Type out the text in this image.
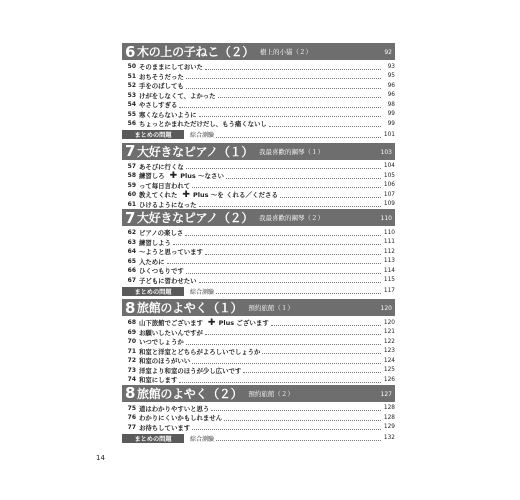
6 木の上の子ねこ（２） 樹上的小貓（２）	92
50 そのままにしておいた	93
51 おちそうだった	95
52 手をのばしても	96
53 けがをしなくて、よかった	96
54 やさしすぎる	98
55 寒くならないように	99
56 ちょっとかまれただけだし、もう痛くないし	99
まとめの問題	綜合測驗	101
7 大好きなピアノ（１） 我最喜歡的鋼琴（１）	103
57 あそびに行くな	104
58 練習しろ ✚ Plus ～なさい	105
59 って毎日言われて	106
60 教えてくれた ✚ Plus ～を くれる／くださる	107
61 ひけるようになった	109
7 大好きなピアノ（２） 我最喜歡的鋼琴（２）	110
62 ピアノの楽しさ	110
63 練習しよう	111
64 ～ようと思っています	112
65 入ために	113
66 ひくつもりです	114
67 子どもに習わせたい	115
まとめの問題	綜合測驗	117
8 旅館のよやく（１） 預約旅館（１）	120
68 山下旅館でございます ✚ Plus ございます	120
69 お願いしたいんですが	121
70 いつでしょうか	122
71 和室と洋室とどちらがよろしいでしょうか	123
72 和室のほうがいい	124
73 洋室より和室のほうが少し広いです	125
74 和室にします	126
8 旅館のよやく（２） 預約旅館（２）	127
75 道はわかりやすいと思う	128
76 わかりにくいかもしれません	128
77 お待ちしています	129
まとめの問題	綜合測驗	132
14
